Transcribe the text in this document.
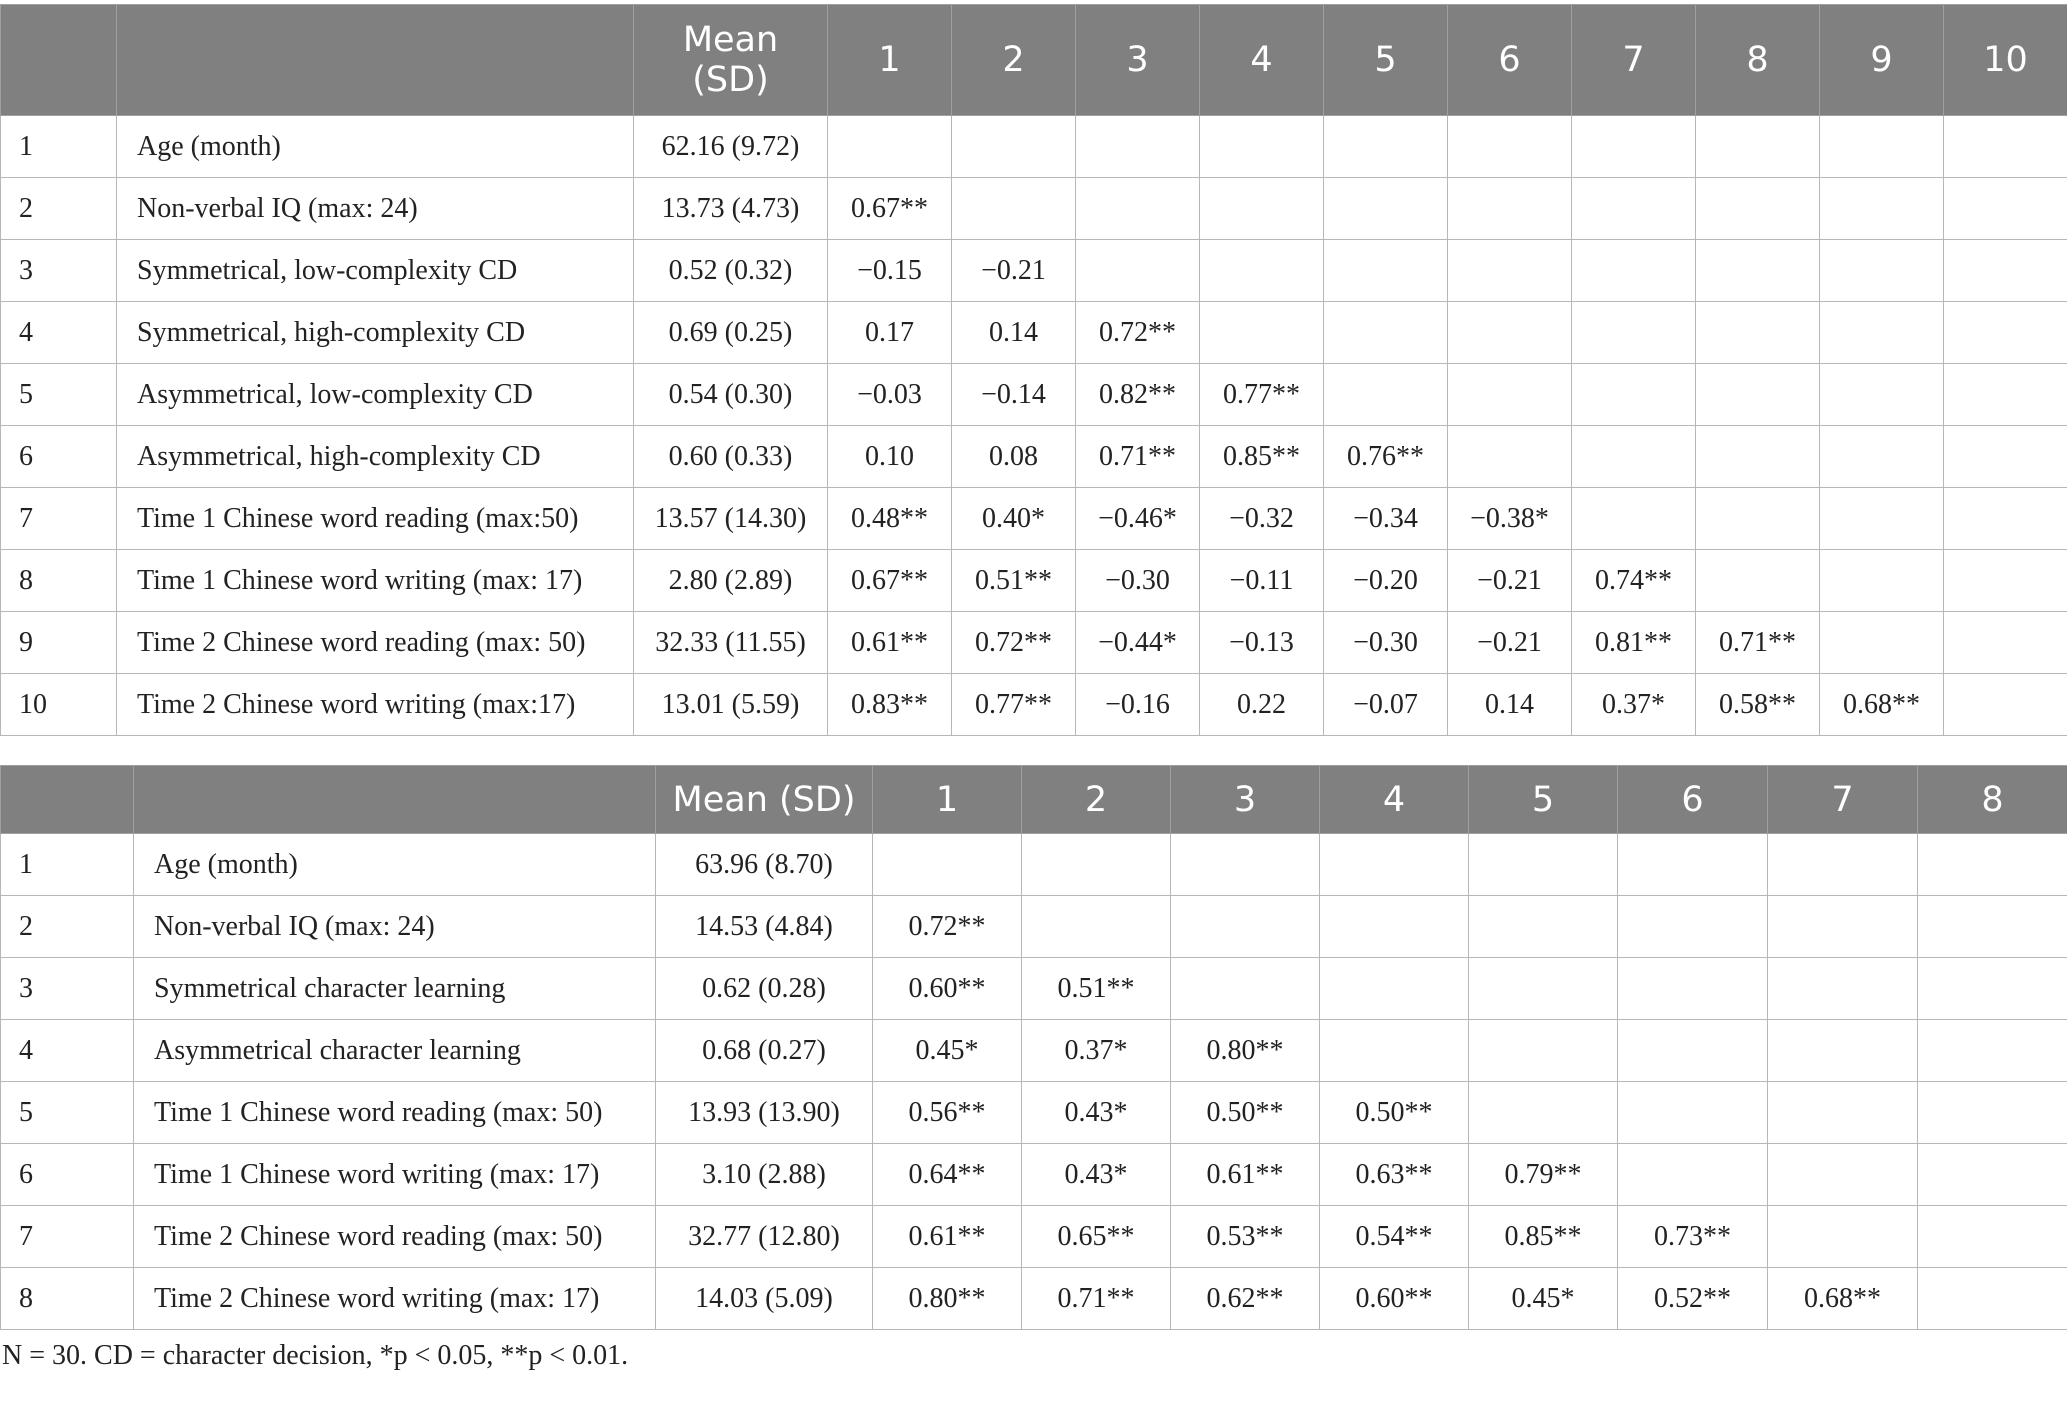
		Mean (SD)	1	2	3	4	5	6	7	8	9	10
1	Age (month)	62.16 (9.72)										
2	Non-verbal IQ (max: 24)	13.73 (4.73)	0.67**									
3	Symmetrical, low-complexity CD	0.52 (0.32)	−0.15	−0.21								
4	Symmetrical, high-complexity CD	0.69 (0.25)	0.17	0.14	0.72**							
5	Asymmetrical, low-complexity CD	0.54 (0.30)	−0.03	−0.14	0.82**	0.77**						
6	Asymmetrical, high-complexity CD	0.60 (0.33)	0.10	0.08	0.71**	0.85**	0.76**					
7	Time 1 Chinese word reading (max:50)	13.57 (14.30)	0.48**	0.40*	−0.46*	−0.32	−0.34	−0.38*				
8	Time 1 Chinese word writing (max: 17)	2.80 (2.89)	0.67**	0.51**	−0.30	−0.11	−0.20	−0.21	0.74**			
9	Time 2 Chinese word reading (max: 50)	32.33 (11.55)	0.61**	0.72**	−0.44*	−0.13	−0.30	−0.21	0.81**	0.71**		
10	Time 2 Chinese word writing (max:17)	13.01 (5.59)	0.83**	0.77**	−0.16	0.22	−0.07	0.14	0.37*	0.58**	0.68**	
		Mean (SD)	1	2	3	4	5	6	7	8
1	Age (month)	63.96 (8.70)								
2	Non-verbal IQ (max: 24)	14.53 (4.84)	0.72**							
3	Symmetrical character learning	0.62 (0.28)	0.60**	0.51**						
4	Asymmetrical character learning	0.68 (0.27)	0.45*	0.37*	0.80**					
5	Time 1 Chinese word reading (max: 50)	13.93 (13.90)	0.56**	0.43*	0.50**	0.50**				
6	Time 1 Chinese word writing (max: 17)	3.10 (2.88)	0.64**	0.43*	0.61**	0.63**	0.79**			
7	Time 2 Chinese word reading (max: 50)	32.77 (12.80)	0.61**	0.65**	0.53**	0.54**	0.85**	0.73**		
8	Time 2 Chinese word writing (max: 17)	14.03 (5.09)	0.80**	0.71**	0.62**	0.60**	0.45*	0.52**	0.68**	
N = 30. CD = character decision, *p < 0.05, **p < 0.01.
